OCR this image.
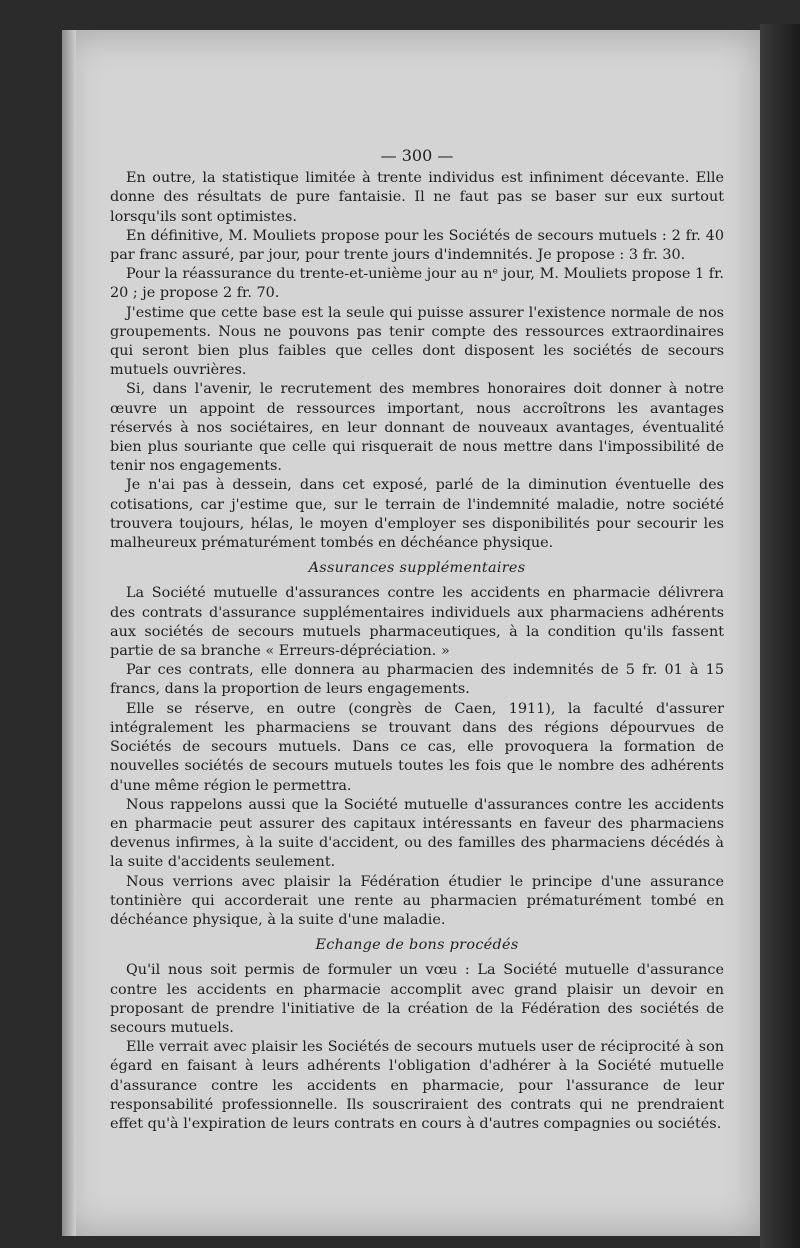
— 300 —

En outre, la statistique limitée à trente individus est infiniment décevante. Elle donne des résultats de pure fantaisie. Il ne faut pas se baser sur eux surtout lorsqu'ils sont optimistes.

En définitive, M. Mouliets propose pour les Sociétés de secours mutuels : 2 fr. 40 par franc assuré, par jour, pour trente jours d'indemnités. Je propose : 3 fr. 30.

Pour la réassurance du trente-et-unième jour au nᵉ jour, M. Mouliets propose 1 fr. 20 ; je propose 2 fr. 70.

J'estime que cette base est la seule qui puisse assurer l'existence normale de nos groupements. Nous ne pouvons pas tenir compte des ressources extraordinaires qui seront bien plus faibles que celles dont disposent les sociétés de secours mutuels ouvrières.

Si, dans l'avenir, le recrutement des membres honoraires doit donner à notre œuvre un appoint de ressources important, nous accroîtrons les avantages réservés à nos sociétaires, en leur donnant de nouveaux avantages, éventualité bien plus souriante que celle qui risquerait de nous mettre dans l'impossibilité de tenir nos engagements.

Je n'ai pas à dessein, dans cet exposé, parlé de la diminution éventuelle des cotisations, car j'estime que, sur le terrain de l'indemnité maladie, notre société trouvera toujours, hélas, le moyen d'employer ses disponibilités pour secourir les malheureux prématurément tombés en déchéance physique.

Assurances supplémentaires

La Société mutuelle d'assurances contre les accidents en pharmacie délivrera des contrats d'assurance supplémentaires individuels aux pharmaciens adhérents aux sociétés de secours mutuels pharmaceutiques, à la condition qu'ils fassent partie de sa branche « Erreurs-dépréciation. »

Par ces contrats, elle donnera au pharmacien des indemnités de 5 fr. 01 à 15 francs, dans la proportion de leurs engagements.

Elle se réserve, en outre (congrès de Caen, 1911), la faculté d'assurer intégralement les pharmaciens se trouvant dans des régions dépourvues de Sociétés de secours mutuels. Dans ce cas, elle provoquera la formation de nouvelles sociétés de secours mutuels toutes les fois que le nombre des adhérents d'une même région le permettra.

Nous rappelons aussi que la Société mutuelle d'assurances contre les accidents en pharmacie peut assurer des capitaux intéressants en faveur des pharmaciens devenus infirmes, à la suite d'accident, ou des familles des pharmaciens décédés à la suite d'accidents seulement.

Nous verrions avec plaisir la Fédération étudier le principe d'une assurance tontinière qui accorderait une rente au pharmacien prématurément tombé en déchéance physique, à la suite d'une maladie.

Echange de bons procédés

Qu'il nous soit permis de formuler un vœu : La Société mutuelle d'assurance contre les accidents en pharmacie accomplit avec grand plaisir un devoir en proposant de prendre l'initiative de la création de la Fédération des sociétés de secours mutuels.

Elle verrait avec plaisir les Sociétés de secours mutuels user de réciprocité à son égard en faisant à leurs adhérents l'obligation d'adhérer à la Société mutuelle d'assurance contre les accidents en pharmacie, pour l'assurance de leur responsabilité professionnelle. Ils souscriraient des contrats qui ne prendraient effet qu'à l'expiration de leurs contrats en cours à d'autres compagnies ou sociétés.
